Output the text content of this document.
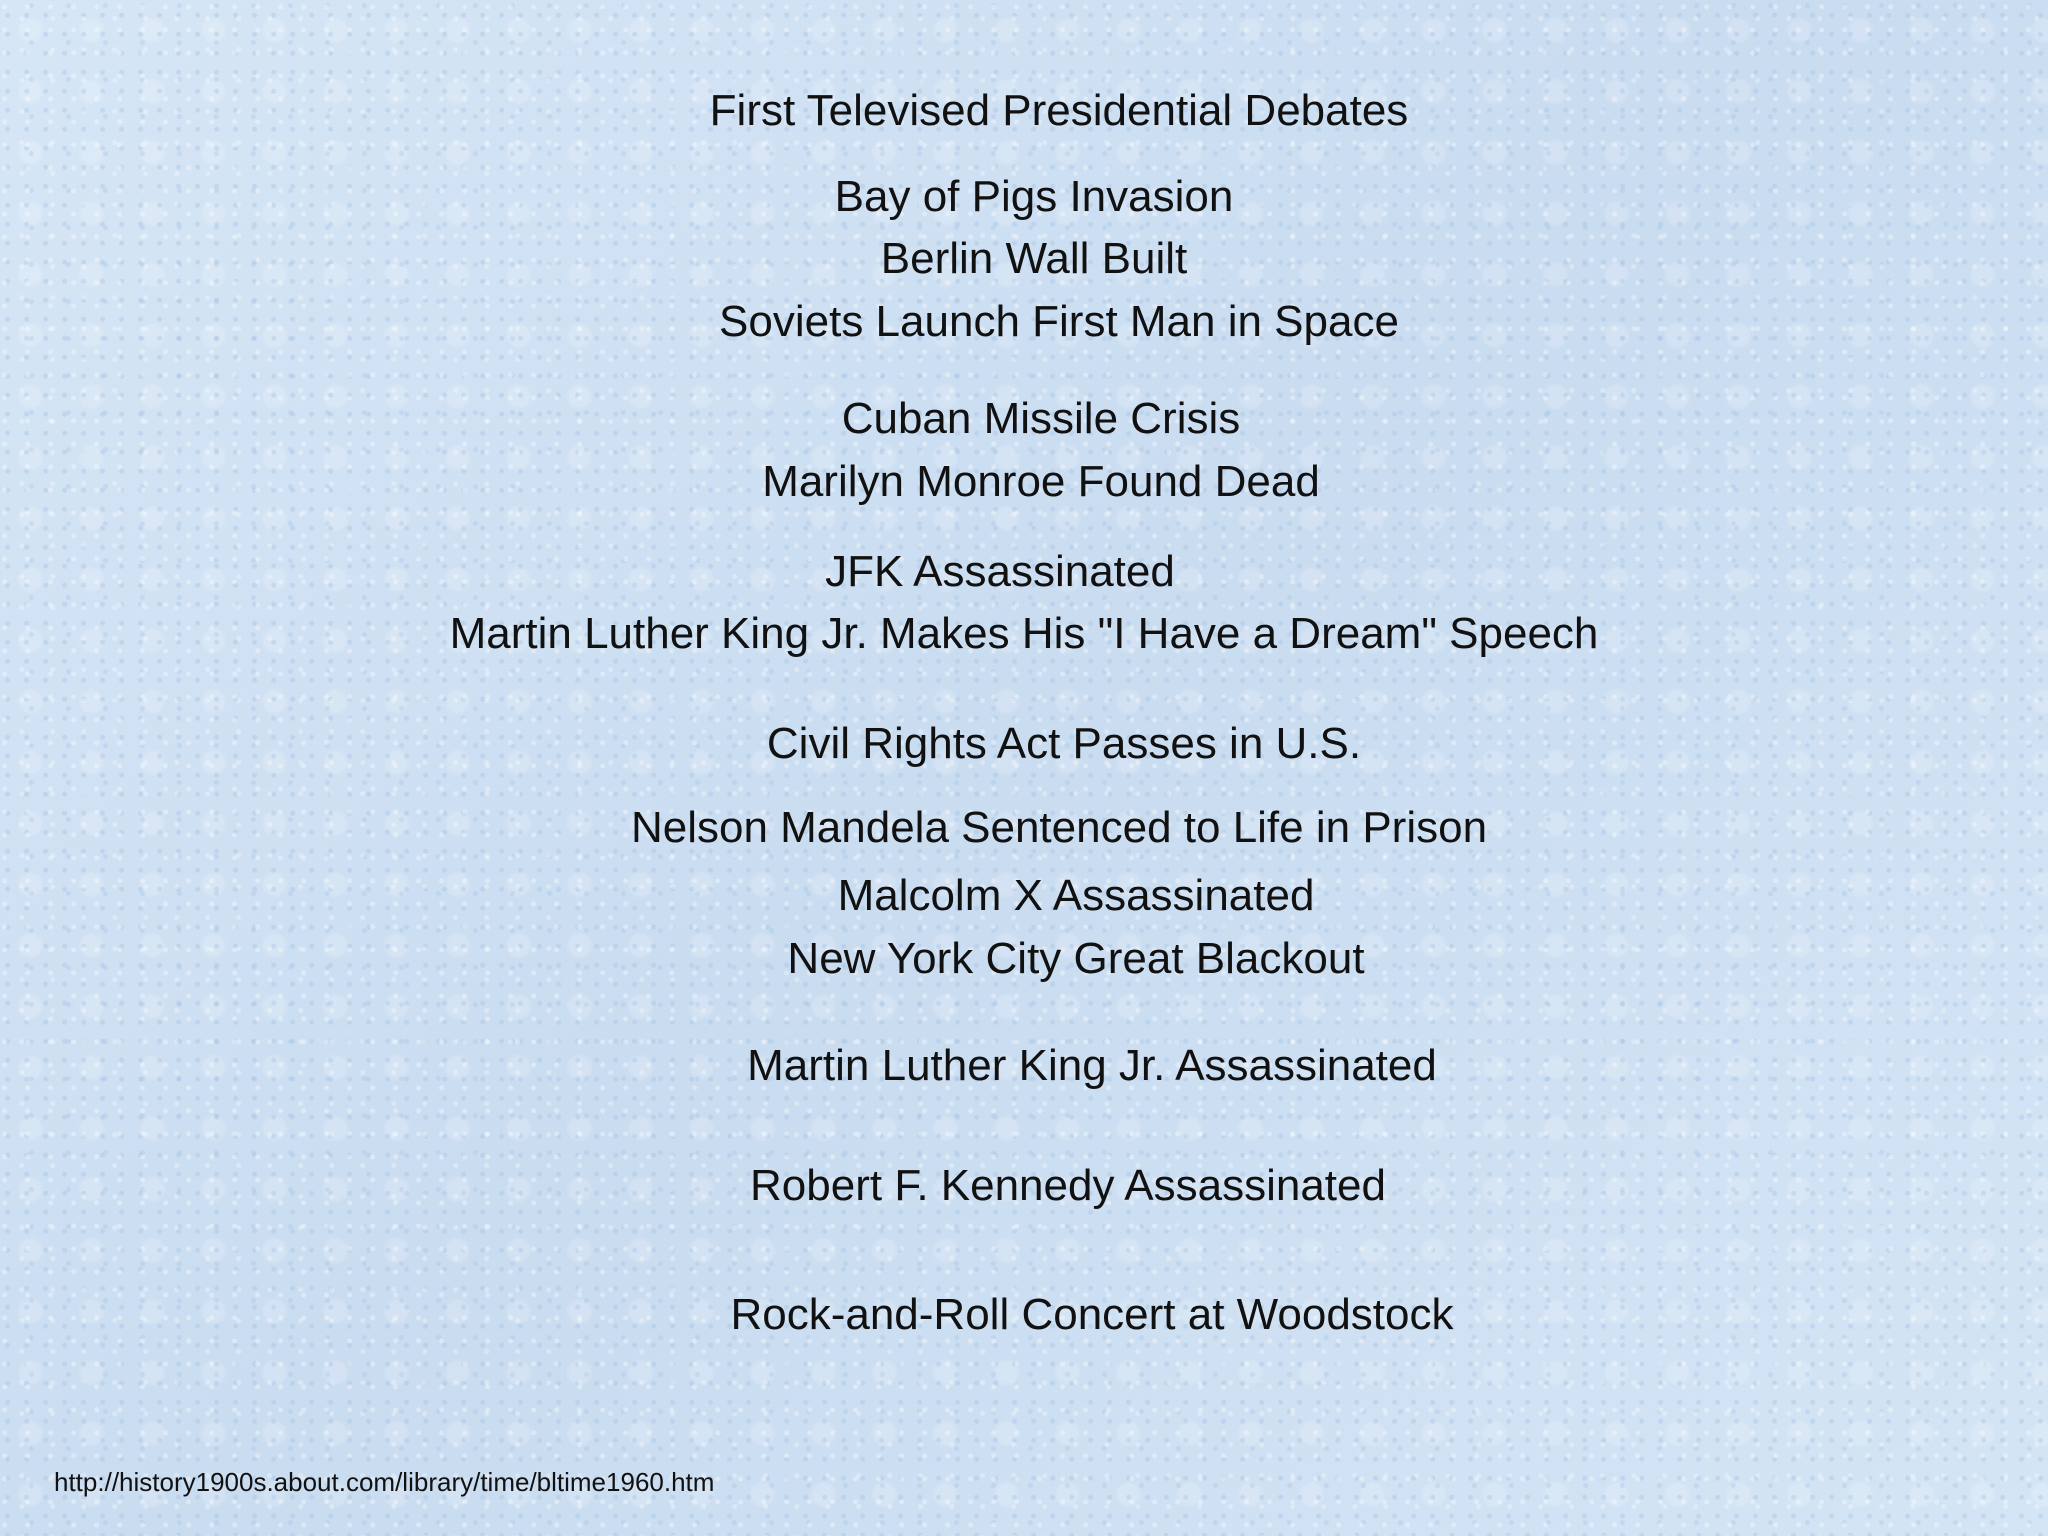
First Televised Presidential Debates
Bay of Pigs Invasion
Berlin Wall Built
Soviets Launch First Man in Space
Cuban Missile Crisis
Marilyn Monroe Found Dead
JFK Assassinated
Martin Luther King Jr. Makes His "I Have a Dream" Speech
Civil Rights Act Passes in U.S.
Nelson Mandela Sentenced to Life in Prison
Malcolm X Assassinated
New York City Great Blackout
Martin Luther King Jr. Assassinated
Robert F. Kennedy Assassinated
Rock-and-Roll Concert at Woodstock
http://history1900s.about.com/library/time/bltime1960.htm
